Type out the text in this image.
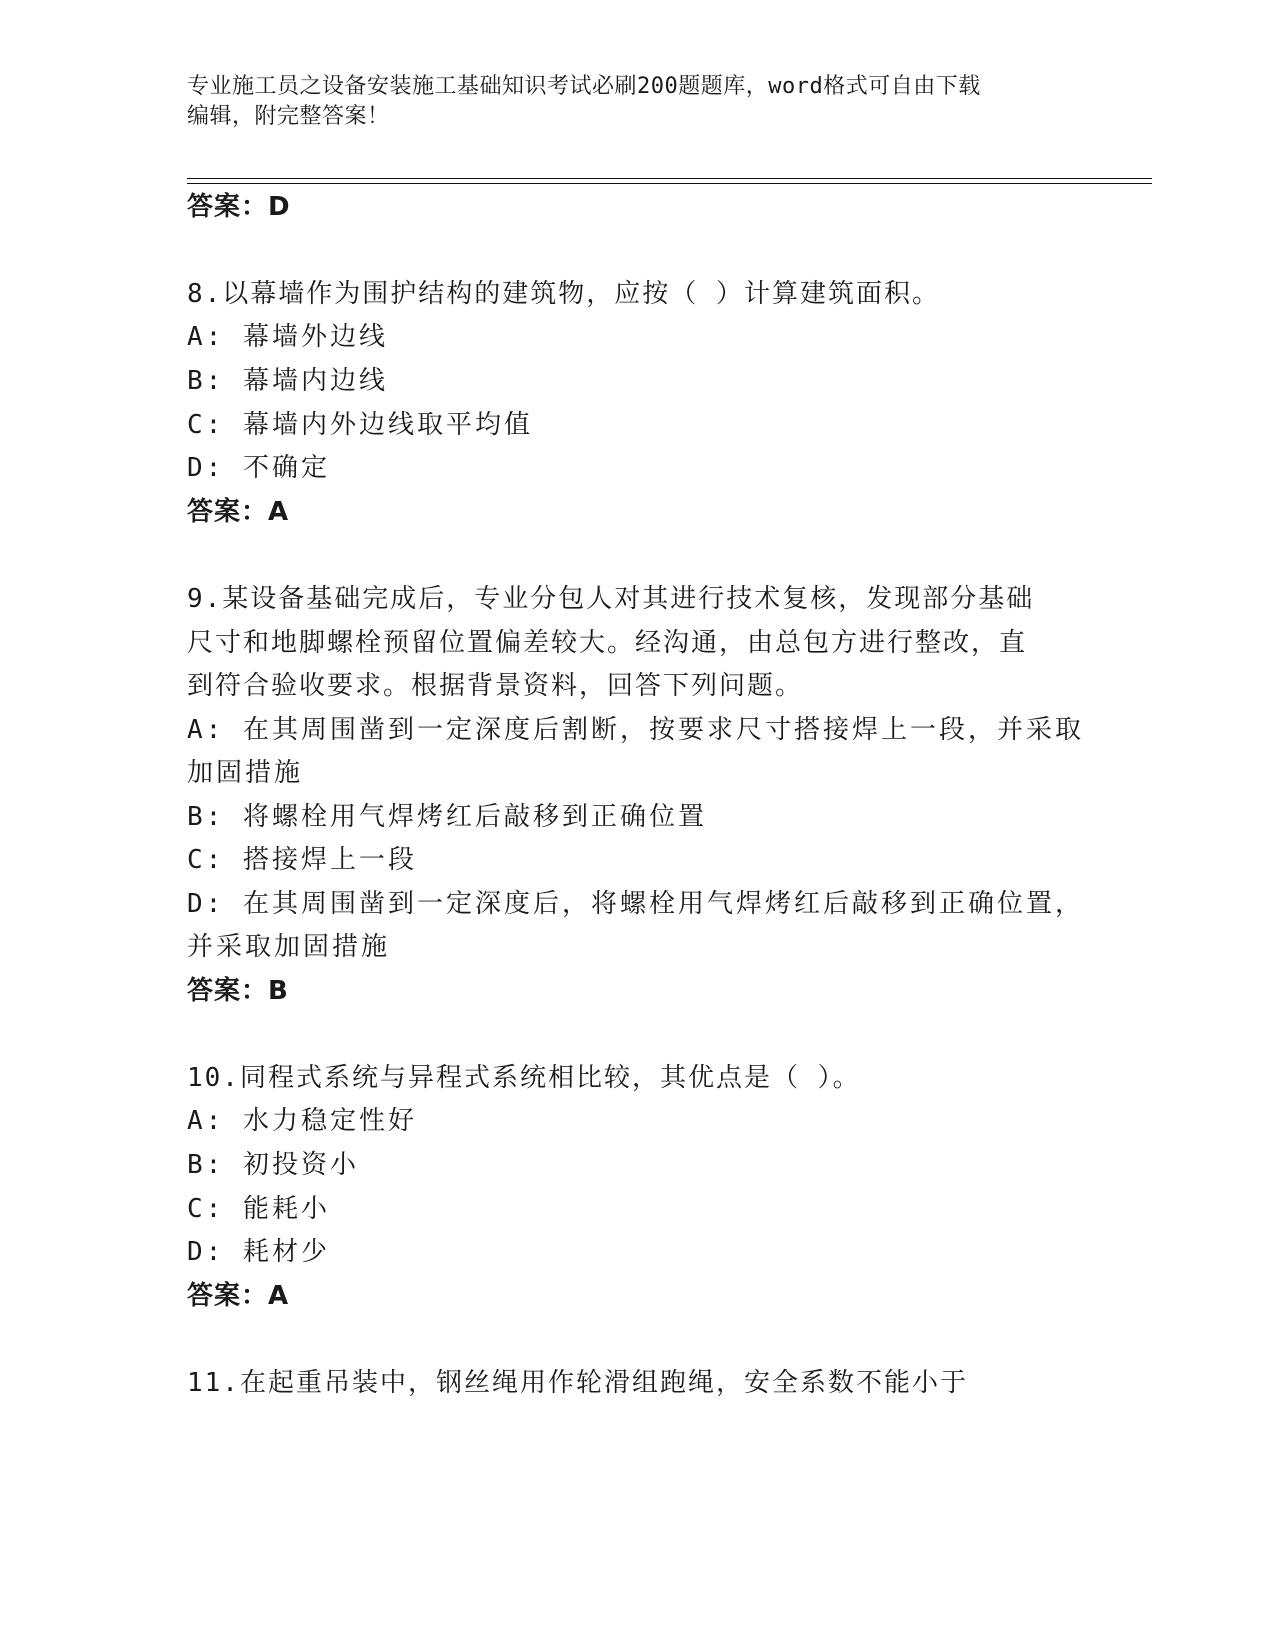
专业施工员之设备安装施工基础知识考试必刷200题题库，word格式可自由下载
编辑，附完整答案！
答案：D
8.以幕墙作为围护结构的建筑物，应按（ ）计算建筑面积。
A: 幕墙外边线
B: 幕墙内边线
C: 幕墙内外边线取平均值
D: 不确定
答案：A
9.某设备基础完成后，专业分包人对其进行技术复核，发现部分基础
尺寸和地脚螺栓预留位置偏差较大。经沟通，由总包方进行整改，直
到符合验收要求。根据背景资料，回答下列问题。
A: 在其周围凿到一定深度后割断，按要求尺寸搭接焊上一段，并采取
加固措施
B: 将螺栓用气焊烤红后敲移到正确位置
C: 搭接焊上一段
D: 在其周围凿到一定深度后，将螺栓用气焊烤红后敲移到正确位置，
并采取加固措施
答案：B
10.同程式系统与异程式系统相比较，其优点是（ ）。
A: 水力稳定性好
B: 初投资小
C: 能耗小
D: 耗材少
答案：A
11.在起重吊装中，钢丝绳用作轮滑组跑绳，安全系数不能小于
